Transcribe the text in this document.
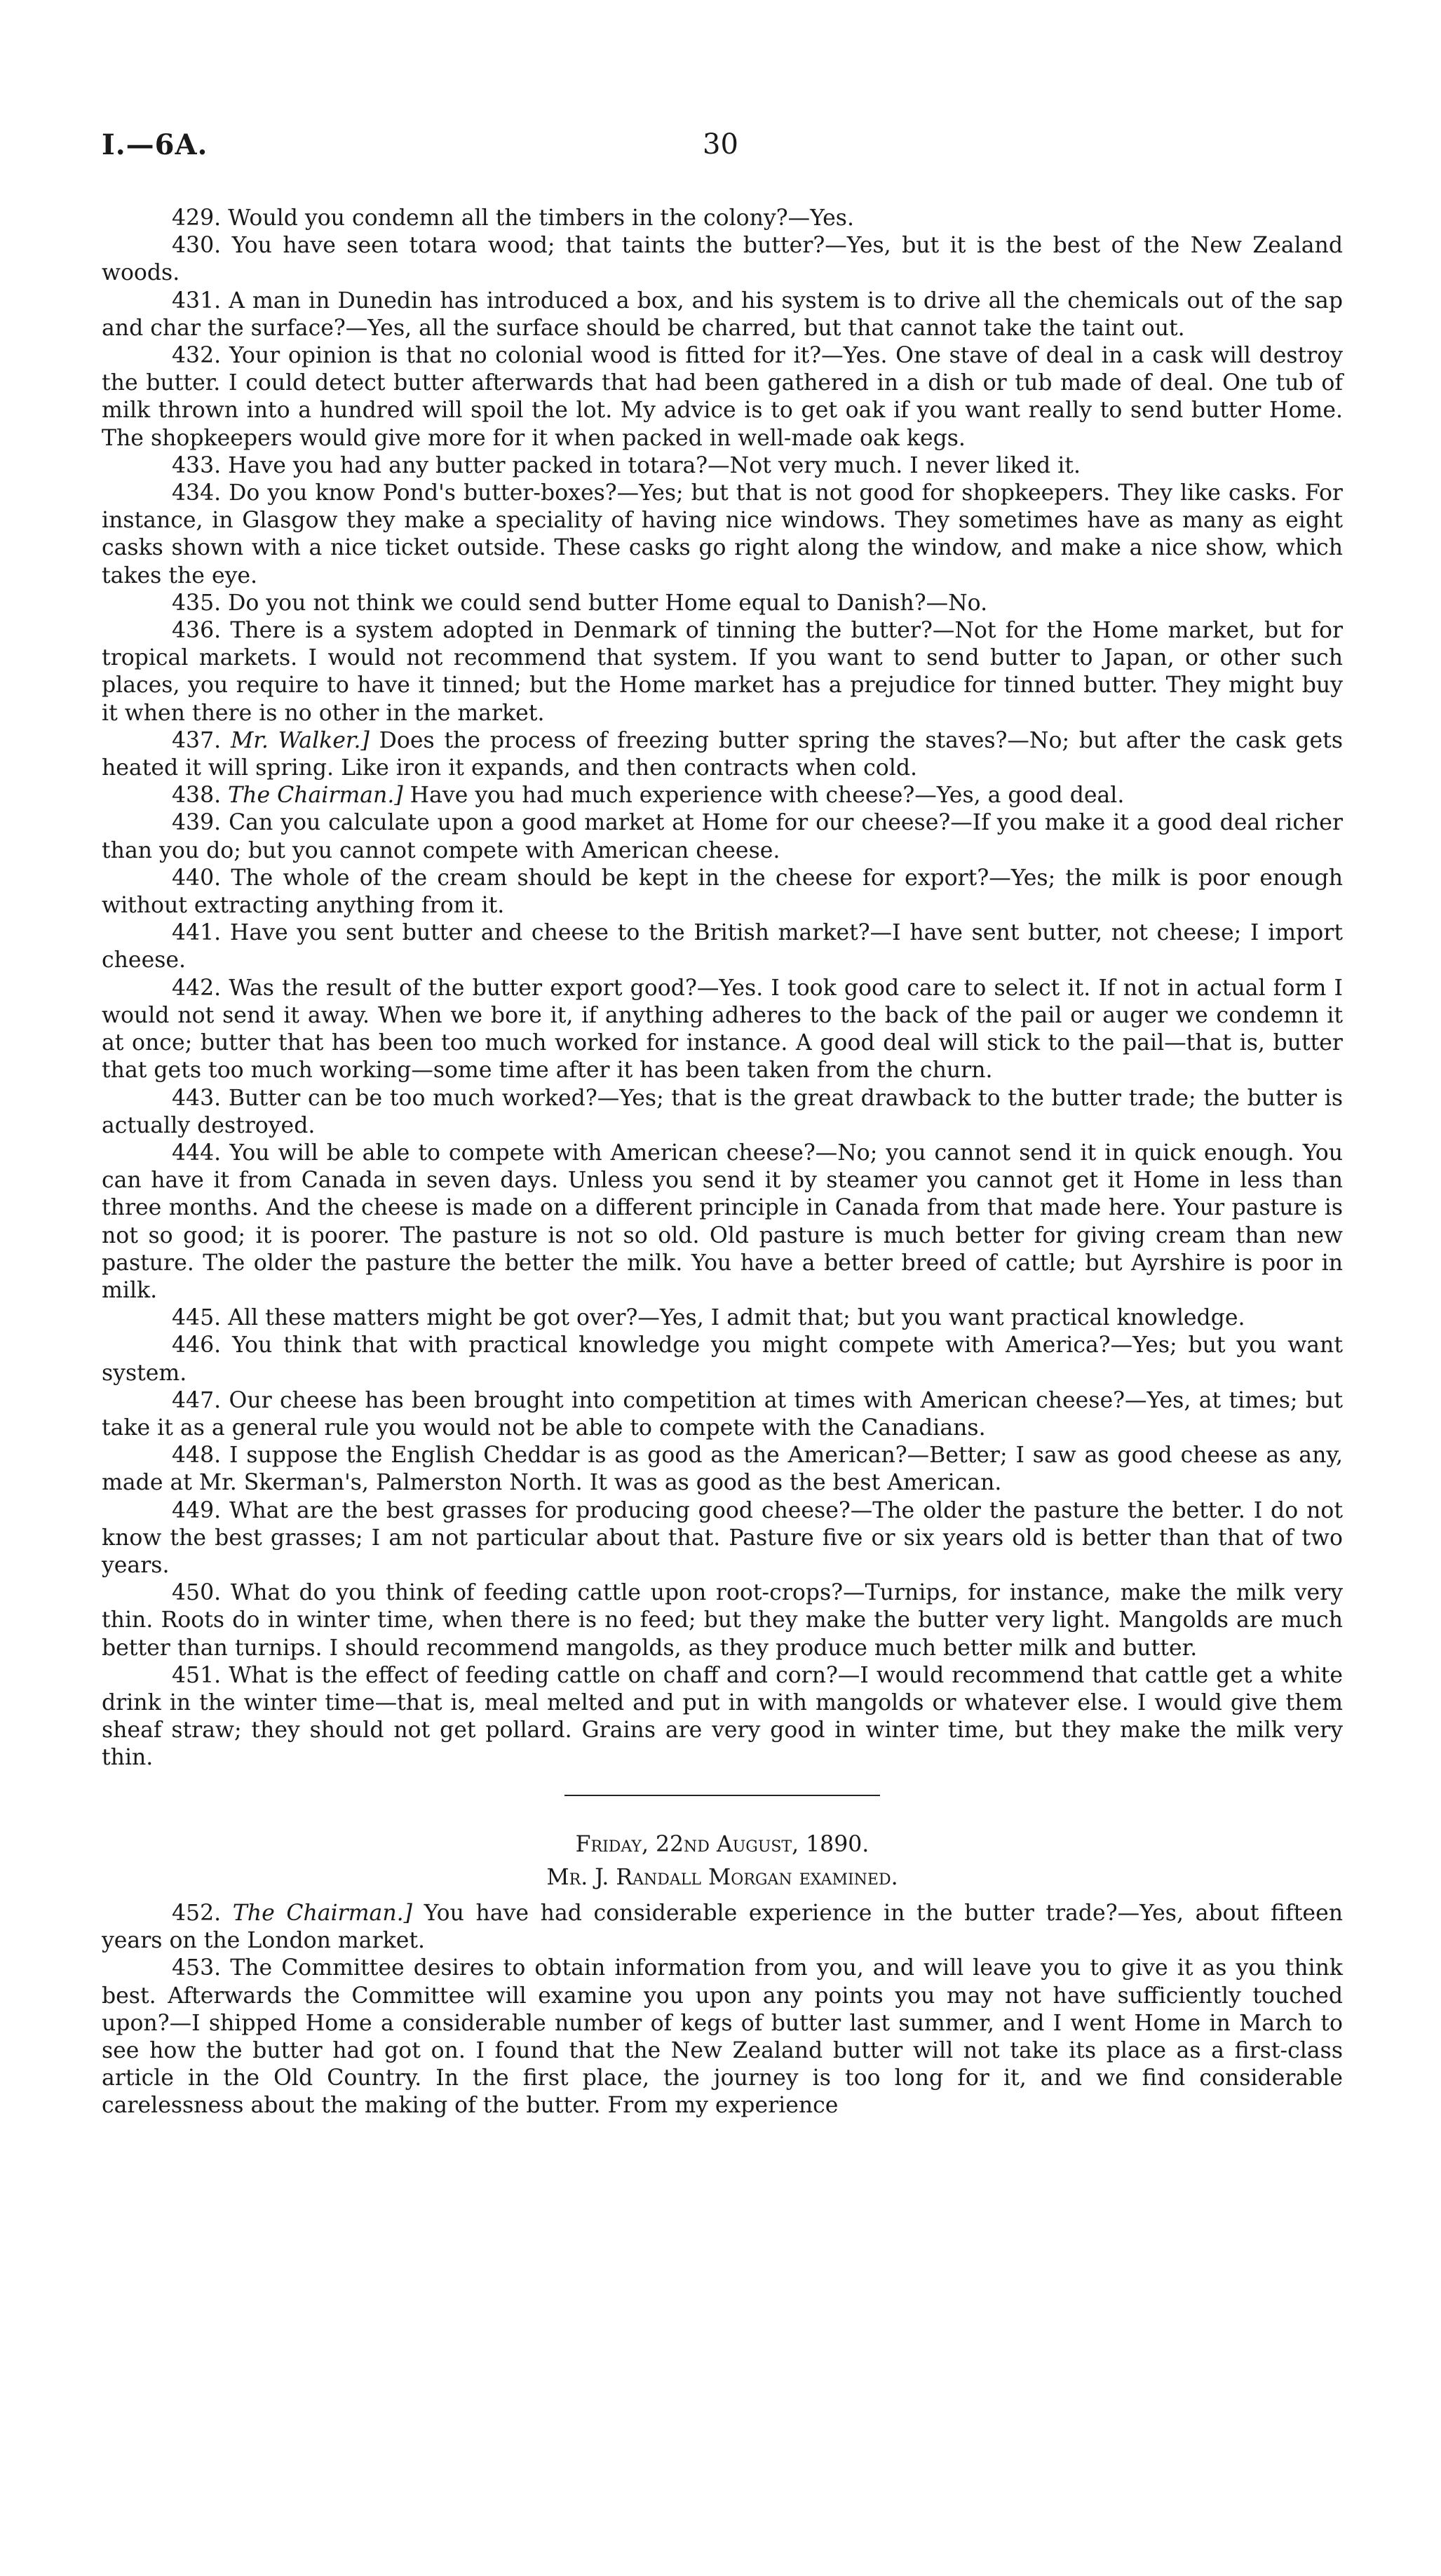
I.—6A.	30

429. Would you condemn all the timbers in the colony?—Yes.

430. You have seen totara wood; that taints the butter?—Yes, but it is the best of the New Zealand woods.

431. A man in Dunedin has introduced a box, and his system is to drive all the chemicals out of the sap and char the surface?—Yes, all the surface should be charred, but that cannot take the taint out.

432. Your opinion is that no colonial wood is fitted for it?—Yes. One stave of deal in a cask will destroy the butter. I could detect butter afterwards that had been gathered in a dish or tub made of deal. One tub of milk thrown into a hundred will spoil the lot. My advice is to get oak if you want really to send butter Home. The shopkeepers would give more for it when packed in well-made oak kegs.

433. Have you had any butter packed in totara?—Not very much. I never liked it.

434. Do you know Pond's butter-boxes?—Yes; but that is not good for shopkeepers. They like casks. For instance, in Glasgow they make a speciality of having nice windows. They sometimes have as many as eight casks shown with a nice ticket outside. These casks go right along the window, and make a nice show, which takes the eye.

435. Do you not think we could send butter Home equal to Danish?—No.

436. There is a system adopted in Denmark of tinning the butter?—Not for the Home market, but for tropical markets. I would not recommend that system. If you want to send butter to Japan, or other such places, you require to have it tinned; but the Home market has a prejudice for tinned butter. They might buy it when there is no other in the market.

437. Mr. Walker.] Does the process of freezing butter spring the staves?—No; but after the cask gets heated it will spring. Like iron it expands, and then contracts when cold.

438. The Chairman.] Have you had much experience with cheese?—Yes, a good deal.

439. Can you calculate upon a good market at Home for our cheese?—If you make it a good deal richer than you do; but you cannot compete with American cheese.

440. The whole of the cream should be kept in the cheese for export?—Yes; the milk is poor enough without extracting anything from it.

441. Have you sent butter and cheese to the British market?—I have sent butter, not cheese; I import cheese.

442. Was the result of the butter export good?—Yes. I took good care to select it. If not in actual form I would not send it away. When we bore it, if anything adheres to the back of the pail or auger we condemn it at once; butter that has been too much worked for instance. A good deal will stick to the pail—that is, butter that gets too much working—some time after it has been taken from the churn.

443. Butter can be too much worked?—Yes; that is the great drawback to the butter trade; the butter is actually destroyed.

444. You will be able to compete with American cheese?—No; you cannot send it in quick enough. You can have it from Canada in seven days. Unless you send it by steamer you cannot get it Home in less than three months. And the cheese is made on a different principle in Canada from that made here. Your pasture is not so good; it is poorer. The pasture is not so old. Old pasture is much better for giving cream than new pasture. The older the pasture the better the milk. You have a better breed of cattle; but Ayrshire is poor in milk.

445. All these matters might be got over?—Yes, I admit that; but you want practical knowledge.

446. You think that with practical knowledge you might compete with America?—Yes; but you want system.

447. Our cheese has been brought into competition at times with American cheese?—Yes, at times; but take it as a general rule you would not be able to compete with the Canadians.

448. I suppose the English Cheddar is as good as the American?—Better; I saw as good cheese as any, made at Mr. Skerman's, Palmerston North. It was as good as the best American.

449. What are the best grasses for producing good cheese?—The older the pasture the better. I do not know the best grasses; I am not particular about that. Pasture five or six years old is better than that of two years.

450. What do you think of feeding cattle upon root-crops?—Turnips, for instance, make the milk very thin. Roots do in winter time, when there is no feed; but they make the butter very light. Mangolds are much better than turnips. I should recommend mangolds, as they produce much better milk and butter.

451. What is the effect of feeding cattle on chaff and corn?—I would recommend that cattle get a white drink in the winter time—that is, meal melted and put in with mangolds or whatever else. I would give them sheaf straw; they should not get pollard. Grains are very good in winter time, but they make the milk very thin.

Friday, 22nd August, 1890.

Mr. J. Randall Morgan examined.

452. The Chairman.] You have had considerable experience in the butter trade?—Yes, about fifteen years on the London market.

453. The Committee desires to obtain information from you, and will leave you to give it as you think best. Afterwards the Committee will examine you upon any points you may not have sufficiently touched upon?—I shipped Home a considerable number of kegs of butter last summer, and I went Home in March to see how the butter had got on. I found that the New Zealand butter will not take its place as a first-class article in the Old Country. In the first place, the journey is too long for it, and we find considerable carelessness about the making of the butter. From my experience
